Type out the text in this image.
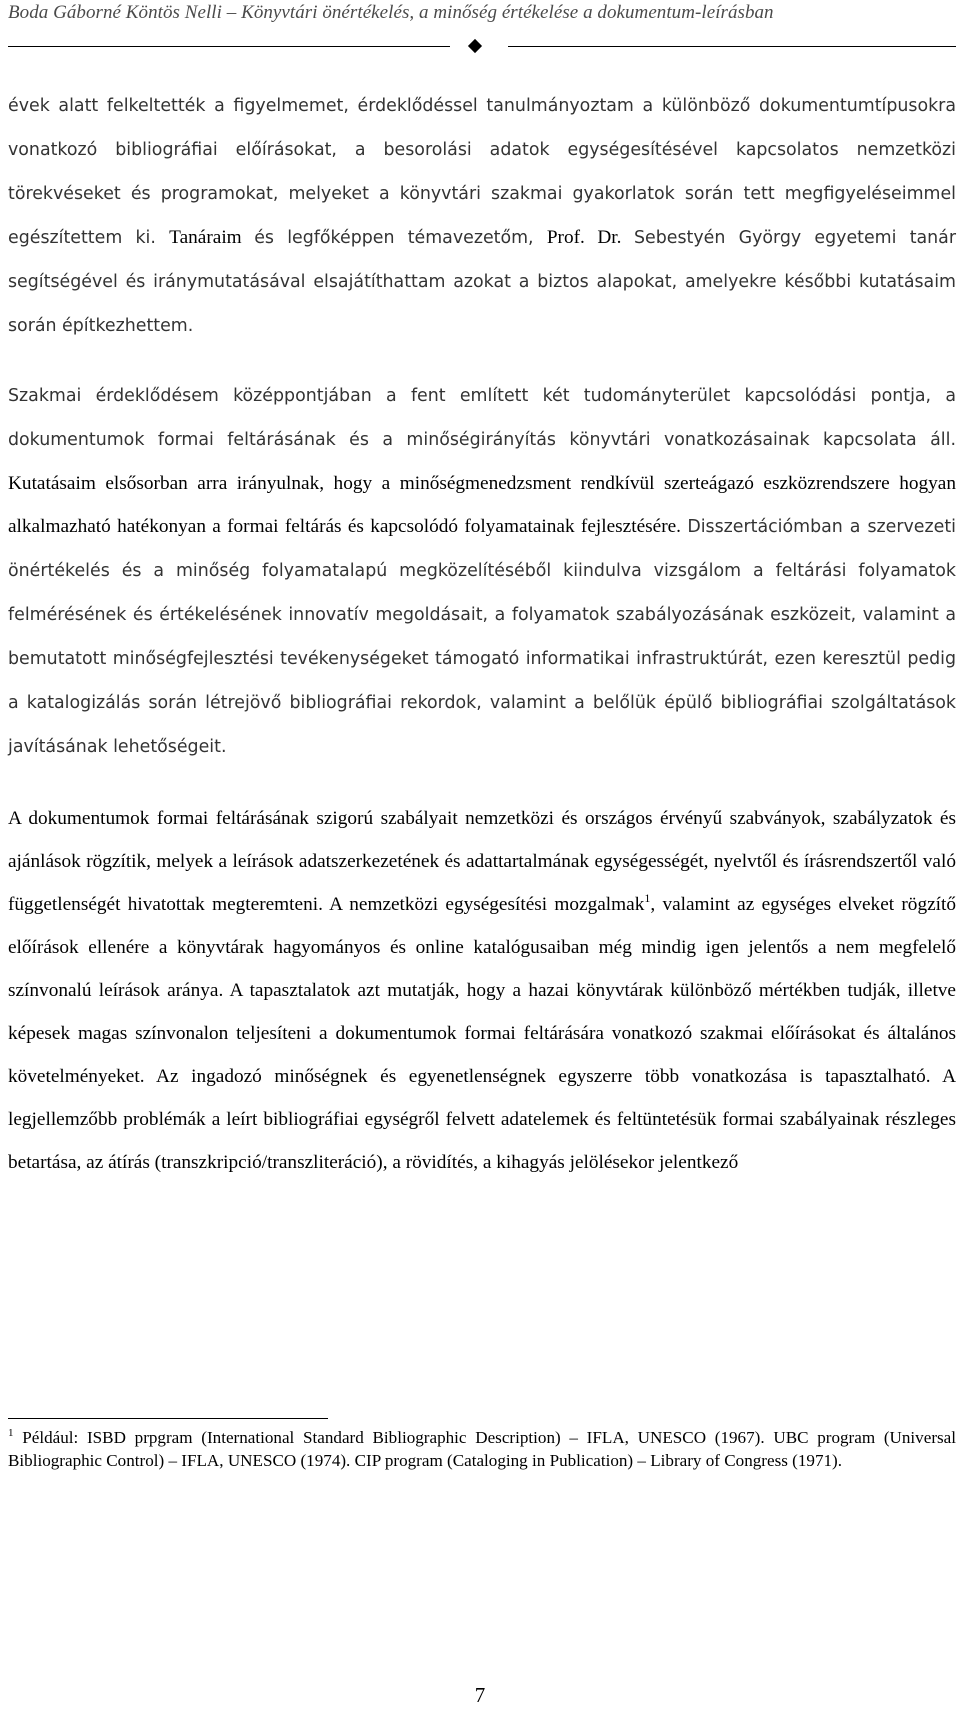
Boda Gáborné Köntös Nelli – Könyvtári önértékelés, a minőség értékelése a dokumentum-leírásban

évek alatt felkeltették a figyelmemet, érdeklődéssel tanulmányoztam a különböző dokumentumtípusokra vonatkozó bibliográfiai előírásokat, a besorolási adatok egységesítésével kapcsolatos nemzetközi törekvéseket és programokat, melyeket a könyvtári szakmai gyakorlatok során tett megfigyeléseimmel egészítettem ki. Tanáraim és legfőképpen témavezetőm, Prof. Dr. Sebestyén György egyetemi tanár segítségével és iránymutatásával elsajátíthattam azokat a biztos alapokat, amelyekre későbbi kutatásaim során építkezhettem.

Szakmai érdeklődésem középpontjában a fent említett két tudományterület kapcsolódási pontja, a dokumentumok formai feltárásának és a minőségirányítás könyvtári vonatkozásainak kapcsolata áll. Kutatásaim elsősorban arra irányulnak, hogy a minőségmenedzsment rendkívül szerteágazó eszközrendszere hogyan alkalmazható hatékonyan a formai feltárás és kapcsolódó folyamatainak fejlesztésére. Disszertációmban a szervezeti önértékelés és a minőség folyamatalapú megközelítéséből kiindulva vizsgálom a feltárási folyamatok felmérésének és értékelésének innovatív megoldásait, a folyamatok szabályozásának eszközeit, valamint a bemutatott minőségfejlesztési tevékenységeket támogató informatikai infrastruktúrát, ezen keresztül pedig a katalogizálás során létrejövő bibliográfiai rekordok, valamint a belőlük épülő bibliográfiai szolgáltatások javításának lehetőségeit.

A dokumentumok formai feltárásának szigorú szabályait nemzetközi és országos érvényű szabványok, szabályzatok és ajánlások rögzítik, melyek a leírások adatszerkezetének és adattartalmának egységességét, nyelvtől és írásrendszertől való függetlenségét hivatottak megteremteni. A nemzetközi egységesítési mozgalmak$^1$, valamint az egységes elveket rögzítő előírások ellenére a könyvtárak hagyományos és online katalógusaiban még mindig igen jelentős a nem megfelelő színvonalú leírások aránya. A tapasztalatok azt mutatják, hogy a hazai könyvtárak különböző mértékben tudják, illetve képesek magas színvonalon teljesíteni a dokumentumok formai feltárására vonatkozó szakmai előírásokat és általános követelményeket. Az ingadozó minőségnek és egyenetlenségnek egyszerre több vonatkozása is tapasztalható. A legjellemzőbb problémák a leírt bibliográfiai egységről felvett adatelemek és feltüntetésük formai szabályainak részleges betartása, az átírás (transzkripció/transzliteráció), a rövidítés, a kihagyás jelölésekor jelentkező

$^1$ Például: ISBD prpgram (International Standard Bibliographic Description) – IFLA, UNESCO (1967). UBC program (Universal Bibliographic Control) – IFLA, UNESCO (1974). CIP program (Cataloging in Publication) – Library of Congress (1971).
7
